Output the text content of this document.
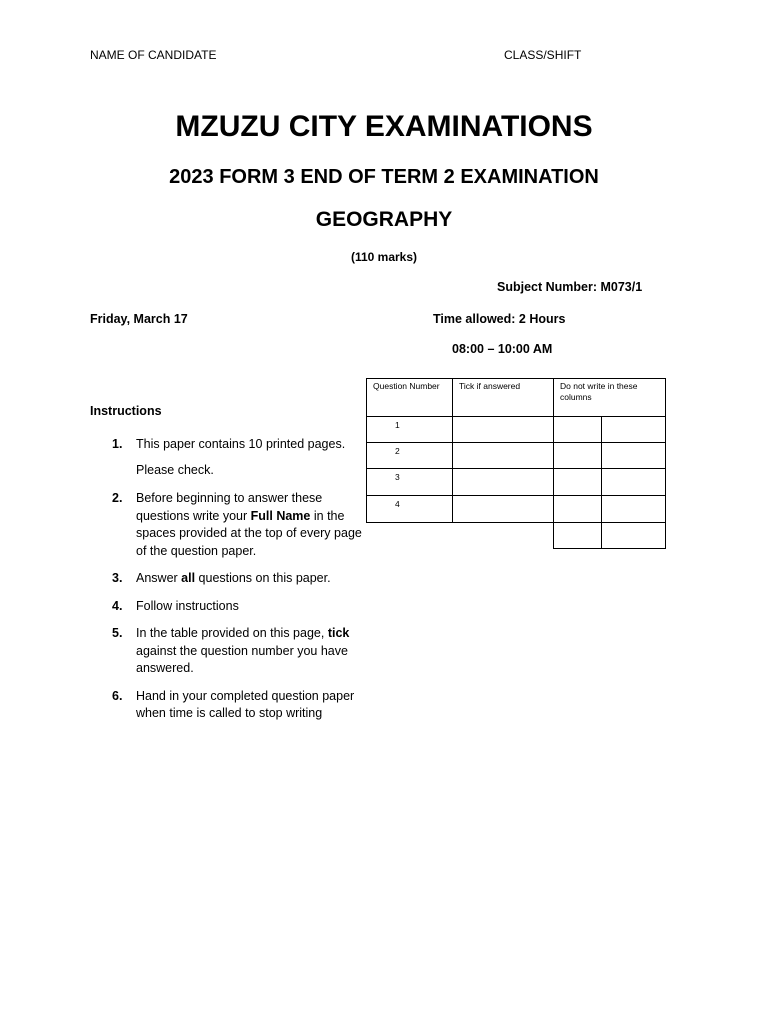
NAME OF CANDIDATE	CLASS/SHIFT
MZUZU CITY EXAMINATIONS
2023 FORM 3 END OF TERM 2 EXAMINATION
GEOGRAPHY
(110 marks)
Subject Number: M073/1
Friday, March 17	Time allowed: 2 Hours
08:00 – 10:00 AM
Instructions
1.	This paper contains 10 printed pages.
Please check.
2.	Before beginning to answer these questions write your Full Name in the spaces provided at the top of every page of the question paper.
3.	Answer all questions on this paper.
4.	Follow instructions
5.	In the table provided on this page, tick against the question number you have answered.
6.	Hand in your completed question paper when time is called to stop writing
Question Number	Tick if answered	Do not write in these columns
1
2
3
4
